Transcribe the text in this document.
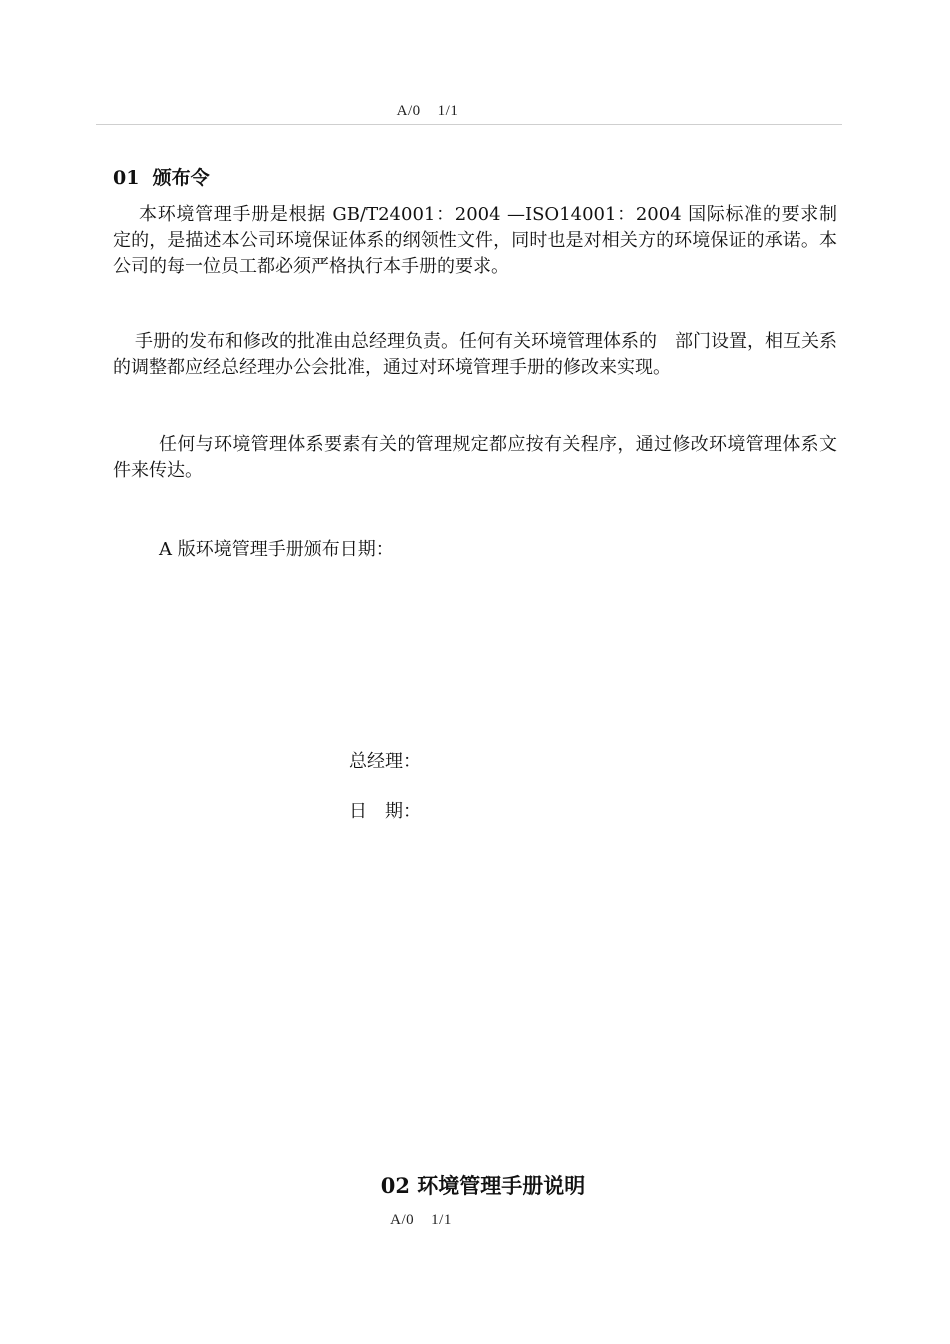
A/0    1/1
01  颁布令
本环境管理手册是根据 GB/T24001：2004 —ISO14001：2004 国际标准的要求制定的，是描述本公司环境保证体系的纲领性文件，同时也是对相关方的环境保证的承诺。本公司的每一位员工都必须严格执行本手册的要求。
手册的发布和修改的批准由总经理负责。任何有关环境管理体系的　部门设置，相互关系的调整都应经总经理办公会批准，通过对环境管理手册的修改来实现。
任何与环境管理体系要素有关的管理规定都应按有关程序，通过修改环境管理体系文件来传达。
A 版环境管理手册颁布日期：
总经理：
日　期：
02 环境管理手册说明
A/0    1/1
